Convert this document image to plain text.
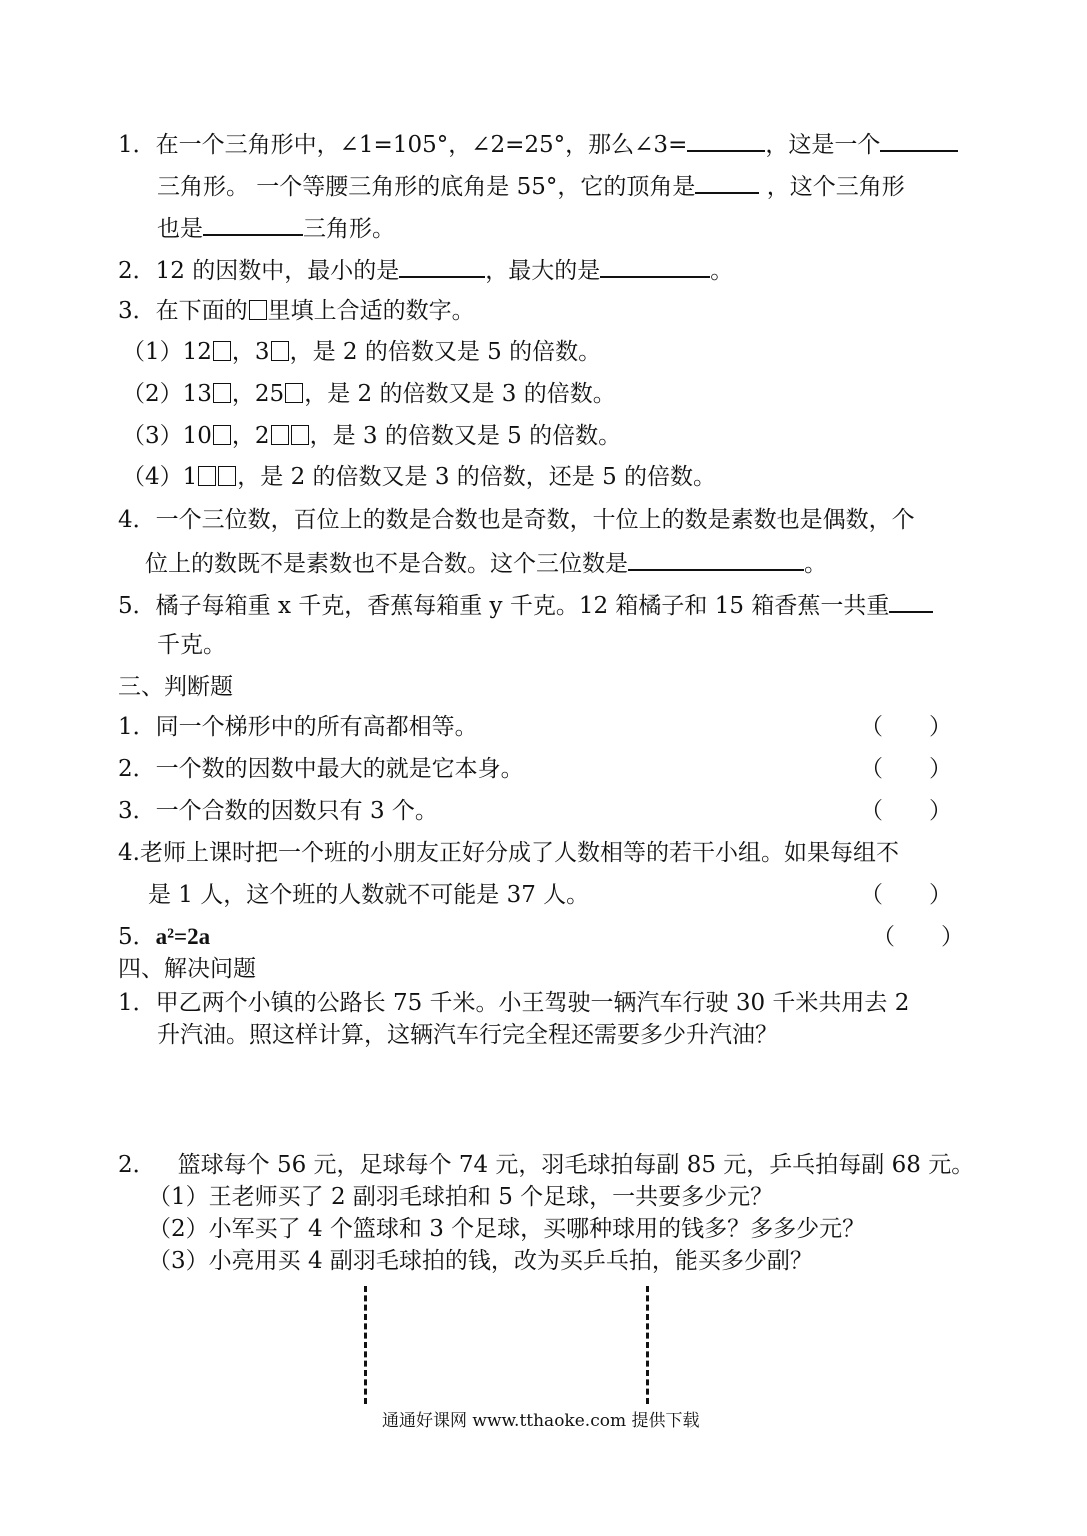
1．在一个三角形中，∠1=105°，∠2=25°，那么∠3=	，这是一个
三角形。 一个等腰三角形的底角是 55°，它的顶角是	，这个三角形
也是	三角形。
2．12 的因数中，最小的是	，最大的是	。
3．在下面的 里填上合适的数字。
（1）12 ，3 ，是 2 的倍数又是 5 的倍数。
（2）13 ，25 ，是 2 的倍数又是 3 的倍数。
（3）10 ，2 ，是 3 的倍数又是 5 的倍数。
（4）1 ，是 2 的倍数又是 3 的倍数，还是 5 的倍数。
4．一个三位数，百位上的数是合数也是奇数，十位上的数是素数也是偶数，个
位上的数既不是素数也不是合数。这个三位数是	。
5．橘子每箱重 x 千克，香蕉每箱重 y 千克。12 箱橘子和 15 箱香蕉一共重
千克。
三、判断题
1．同一个梯形中的所有高都相等。	（　　）
2．一个数的因数中最大的就是它本身。	（　　）
3．一个合数的因数只有 3 个。	（　　）
4.老师上课时把一个班的小朋友正好分成了人数相等的若干小组。如果每组不
是 1 人，这个班的人数就不可能是 37 人。	（　　）
5．a²=2a	（　　）
四、解决问题
1．甲乙两个小镇的公路长 75 千米。小王驾驶一辆汽车行驶 30 千米共用去 2
升汽油。照这样计算，这辆汽车行完全程还需要多少升汽油？
2． 篮球每个 56 元，足球每个 74 元，羽毛球拍每副 85 元，乒乓拍每副 68 元。
（1）王老师买了 2 副羽毛球拍和 5 个足球，一共要多少元？
（2）小军买了 4 个篮球和 3 个足球，买哪种球用的钱多？多多少元？
（3）小亮用买 4 副羽毛球拍的钱，改为买乒乓拍，能买多少副？
通通好课网 www.tthaoke.com 提供下载
